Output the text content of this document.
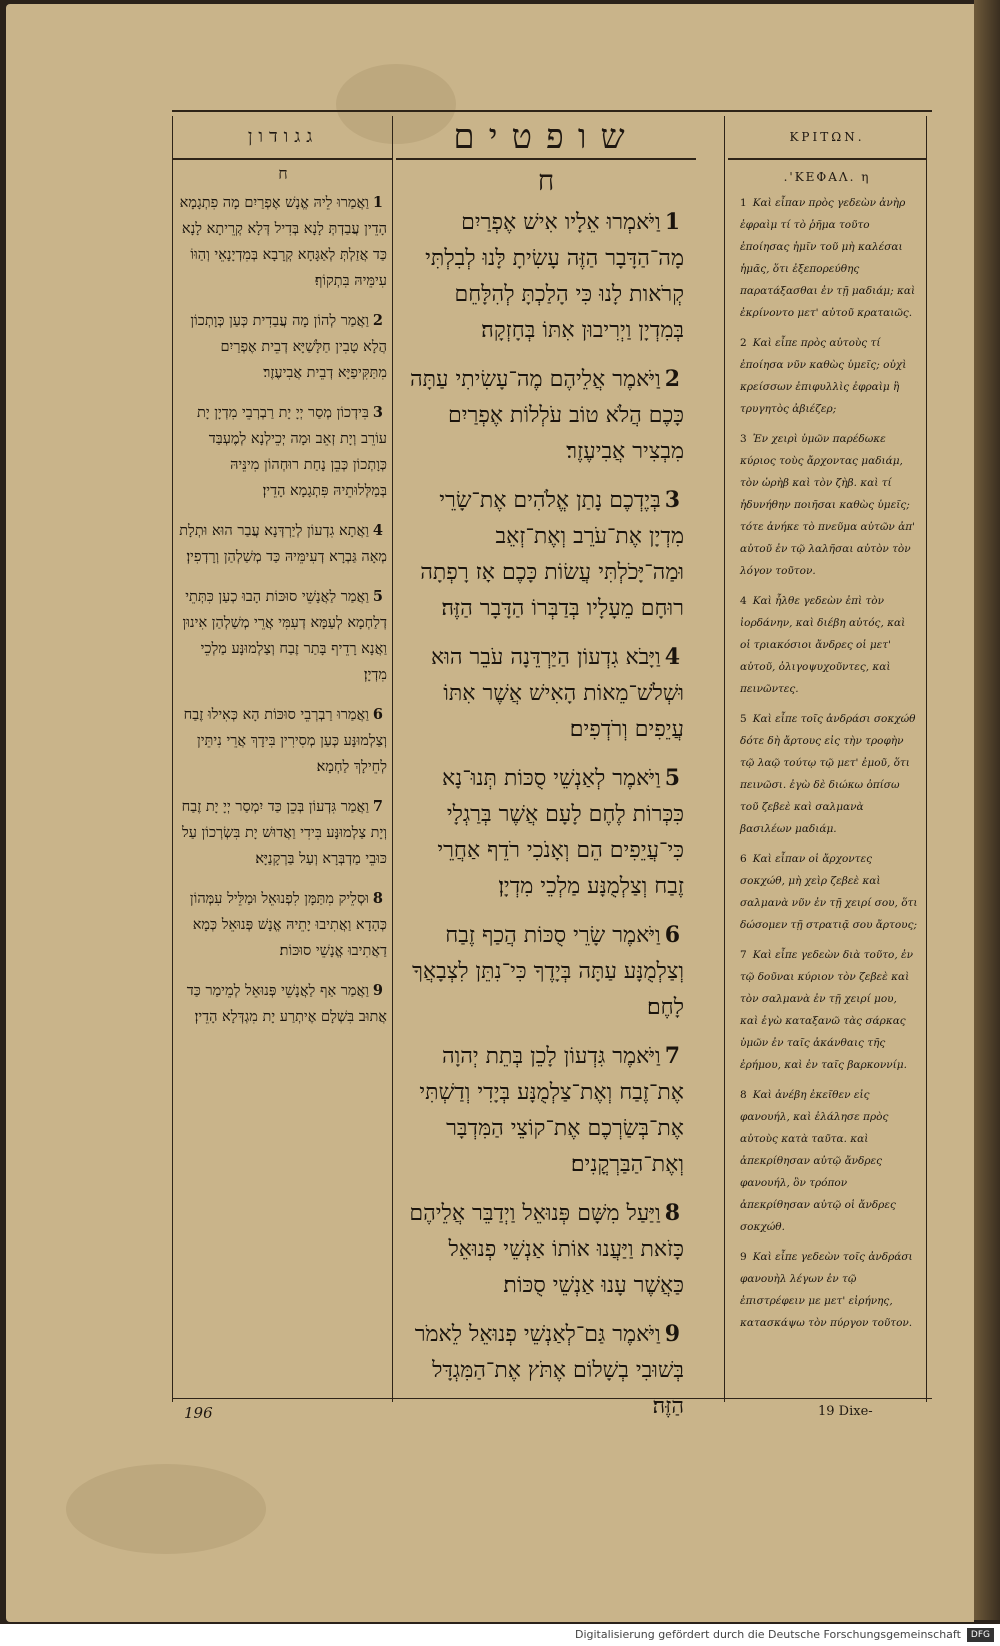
גגודון
ח
1וַאֲמַרוּ לֵיהּ אֱנָשׁ אֶפְרַיִם מָה פִתְגָמָא הָדֵין עֲבַדְתְּ לָנָא בְּדִיל דְּלָא קְרֵיתָא לָנָא כַּד אֲזַלְתְּ לְאַגָּחָא קְרָבָא בְּמִדְיָנָאֵי וְהַוּוֹ עִימֵּיהּ בִּתְקוֹף׃
2וַאֲמַר לְהוֹן מָה עֲבַדִית כְּעַן כְּוָתְכוֹן הֲלָא טָבִין חַלָּשַׁיָּא דְבֵית אֶפְרַיִם מִתַּקִּיפַיָּא דְבֵית אֲבִיעֶזֶר׃
3בִּידְכוֹן מְסַר יְיָ יָת רַבְרְבֵי מִדְיָן יָת עוֹרֵב וְיָת זְאֵב וּמָה יְכֵילְנָא לְמֶעְבַּד כְּוָתְכוֹן כְּבֵן נָחַת רוּחְהוֹן מִינֵּיהּ בְּמַלְּלוּתֵיהּ פִּתְגָמָא הָדֵין׃
4וַאֲתָא גִדְעוֹן לְיַרְדְּנָא עֲבַר הוּא וּתְלָת מְאָה גַּבְרָא דְעִימֵּיהּ כַּד מְשַׁלְהַן וְרָדְפִין׃
5וַאֲמַר לַאֲנָשֵׁי סוּכּוֹת הָבוּ כְעַן כִּתְּתֵי דְלַחְמָא לְעַמָּא דְעִמִּי אֲרֵי מְשַׁלְהַן אִינוּן וַאֲנָא רָדֵיף בָּתַר זֶבַח וְצַלְמוּנָּע מַלְכֵי מִדְיָן׃
6וַאֲמַרוּ רַבְרְבֵי סוּכּוֹת הָא כְּאִילוּ זֶבַח וְצַלְמוּנָּע כְּעַן מְסִירִין בִּידָךְ אֲרֵי נִיתֵּין לְחֵילָךְ לַחְמָא׃
7וַאֲמַר גִּדְעוֹן בְּכֵן כַּד יִמְסַר יְיָ יָת זֶבַח וְיָת צַלְמוּנָּע בִּידִי וַאֲדוּשׁ יָת בִּשְׂרְכוֹן עַל כּוּבֵי מַדְבְּרָא וְעַל בַּרְקָנַיָּא׃
8וּסְלֵיק מִתַּמָּן לִפְנוּאֵל וּמַלֵּיל עִמְּהוֹן כְּהָדָא וַאֲתִיבוּ יָתֵיהּ אֱנָשׁ פְּנוּאֵל כְּמָא דַאֲתִיבוּ אֱנָשֵׁי סוּכּוֹת׃
9וַאֲמַר אַף לַאֲנָשֵׁי פְּנוּאֵל לְמֵימַר כַּד אֲתוּב בִּשְׁלָם אֶיתְרַע יָת מִגְדְּלָא הָדֵין׃
שופטים
ח
1וַיֹּאמְרוּ אֵלָיו אִישׁ אֶפְרַיִם מָה־הַדָּבָר הַזֶּה עָשִׂיתָ לָּנוּ לְבִלְתִּי קְרֹאות לָנוּ כִּי הָלַכְתָּ לְהִלָּחֵם בְּמִדְיָן וַיְרִיבוּן אִתּוֹ בְּחָזְקָה׃
2וַיֹּאמֶר אֲלֵיהֶם מֶה־עָשִׂיתִי עַתָּה כָּכֶם הֲלֹא טוֹב עֹלְלוֹת אֶפְרַיִם מִבְצִיר אֲבִיעֶזֶר׃
3בְּיֶדְכֶם נָתַן אֱלֹהִים אֶת־שָׂרֵי מִדְיָן אֶת־עֹרֵב וְאֶת־זְאֵב וּמַה־יָּכֹלְתִּי עֲשׂוֹת כָּכֶם אָז רָפְתָה רוּחָם מֵעָלָיו בְּדַבְּרוֹ הַדָּבָר הַזֶּה׃
4וַיָּבֹא גִדְעוֹן הַיַּרְדֵּנָה עֹבֵר הוּא וּשְׁלֹשׁ־מֵאוֹת הָאִישׁ אֲשֶׁר אִתּוֹ עֲיֵפִים וְרֹדְפִים׃
5וַיֹּאמֶר לְאַנְשֵׁי סֻכּוֹת תְּנוּ־נָא כִּכְּרוֹת לֶחֶם לָעָם אֲשֶׁר בְּרַגְלָי כִּי־עֲיֵפִים הֵם וְאָנֹכִי רֹדֵף אַחֲרֵי זֶבַח וְצַלְמֻנָּע מַלְכֵי מִדְיָן׃
6וַיֹּאמֶר שָׂרֵי סֻכּוֹת הֲכַף זֶבַח וְצַלְמֻנָּע עַתָּה בְּיָדֶךָ כִּי־נִתֵּן לִצְבָאֲךָ לָחֶם׃
7וַיֹּאמֶר גִּדְעוֹן לָכֵן בְּתֵת יְהוָה אֶת־זֶבַח וְאֶת־צַלְמֻנָּע בְּיָדִי וְדַשְׁתִּי אֶת־בְּשַׂרְכֶם אֶת־קוֹצֵי הַמִּדְבָּר וְאֶת־הַבַּרְקֳנִים׃
8וַיַּעַל מִשָּׁם פְּנוּאֵל וַיְדַבֵּר אֲלֵיהֶם כָּזֹאת וַיַּעֲנוּ אוֹתוֹ אַנְשֵׁי פְנוּאֵל כַּאֲשֶׁר עָנוּ אַנְשֵׁי סֻכּוֹת׃
9וַיֹּאמֶר גַּם־לְאַנְשֵׁי פְנוּאֵל לֵאמֹר בְּשׁוּבִי בְשָׁלוֹם אֶתֹּץ אֶת־הַמִּגְדָּל הַזֶּה׃
ΚΡΙΤΩΝ.
ΚΕΦΑΛ. η'.
1 Καὶ εἶπαν πρὸς γεδεὼν ἀνὴρ ἐφραὶμ τί τὸ ῥῆμα τοῦτο ἐποίησας ἡμῖν τοῦ μὴ καλέσαι ἡμᾶς, ὅτι ἐξεπορεύθης παρατάξασθαι ἐν τῇ μαδιάμ; καὶ ἐκρίνοντο μετ' αὐτοῦ κραταιῶς.
2 Καὶ εἶπε πρὸς αὐτοὺς τί ἐποίησα νῦν καθὼς ὑμεῖς; οὐχὶ κρείσσων ἐπιφυλλὶς ἐφραὶμ ἢ τρυγητὸς ἀβιέζερ;
3 Ἐν χειρὶ ὑμῶν παρέδωκε κύριος τοὺς ἄρχοντας μαδιάμ, τὸν ὠρὴβ καὶ τὸν ζὴβ. καὶ τί ἠδυνήθην ποιῆσαι καθὼς ὑμεῖς; τότε ἀνήκε τὸ πνεῦμα αὐτῶν ἀπ' αὐτοῦ ἐν τῷ λαλῆσαι αὐτὸν τὸν λόγον τοῦτον.
4 Καὶ ἦλθε γεδεὼν ἐπὶ τὸν ἰορδάνην, καὶ διέβη αὐτός, καὶ οἱ τριακόσιοι ἄνδρες οἱ μετ' αὐτοῦ, ὀλιγοψυχοῦντες, καὶ πεινῶντες.
5 Καὶ εἶπε τοῖς ἀνδράσι σοκχώθ δότε δὴ ἄρτους εἰς τὴν τροφὴν τῷ λαῷ τούτῳ τῷ μετ' ἐμοῦ, ὅτι πεινῶσι. ἐγὼ δὲ διώκω ὀπίσω τοῦ ζεβεὲ καὶ σαλμανὰ βασιλέων μαδιάμ.
6 Καὶ εἶπαν οἱ ἄρχοντες σοκχώθ, μὴ χεὶρ ζεβεὲ καὶ σαλμανὰ νῦν ἐν τῇ χειρί σου, ὅτι δώσομεν τῇ στρατιᾷ σου ἄρτους;
7 Καὶ εἶπε γεδεὼν διὰ τοῦτο, ἐν τῷ δοῦναι κύριον τὸν ζεβεὲ καὶ τὸν σαλμανὰ ἐν τῇ χειρί μου, καὶ ἐγὼ καταξανῶ τὰς σάρκας ὑμῶν ἐν ταῖς ἀκάνθαις τῆς ἐρήμου, καὶ ἐν ταῖς βαρκοννίμ.
8 Καὶ ἀνέβη ἐκεῖθεν εἰς φανουήλ, καὶ ἐλάλησε πρὸς αὐτοὺς κατὰ ταῦτα. καὶ ἀπεκρίθησαν αὐτῷ ἄνδρες φανουήλ, ὃν τρόπον ἀπεκρίθησαν αὐτῷ οἱ ἄνδρες σοκχώθ.
9 Καὶ εἶπε γεδεὼν τοῖς ἀνδράσι φανουὴλ λέγων ἐν τῷ ἐπιστρέφειν με μετ' εἰρήνης, κατασκάψω τὸν πύργον τοῦτον.
196	19 Dixe-
Digitalisierung gefördert durch die Deutsche Forschungsgemeinschaft DFG
